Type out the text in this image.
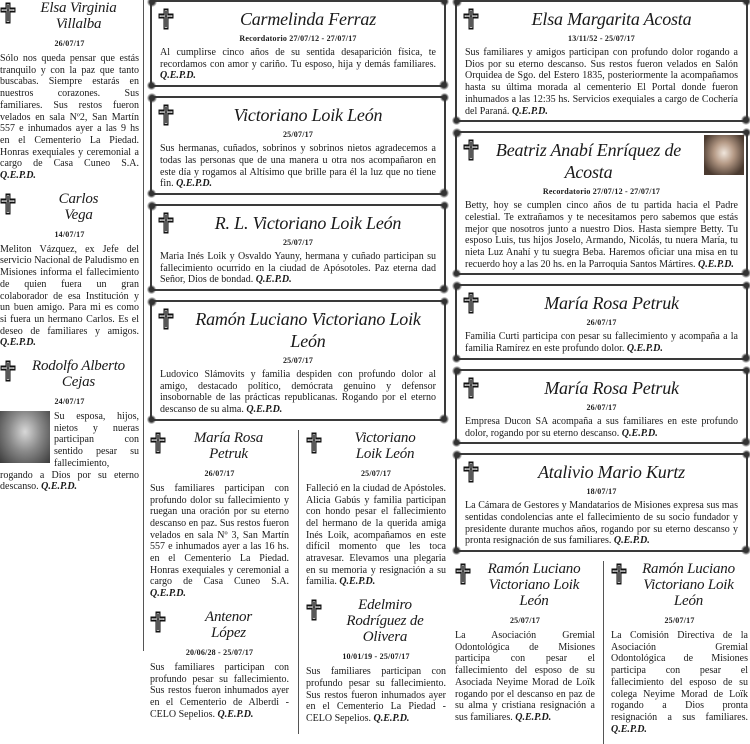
Elsa Virginia
Villalba
26/07/17
Sólo nos queda pensar que estás tranquilo y con la paz que tanto buscabas. Siempre estarás en nuestros corazones. Sus familiares. Sus restos fueron velados en sala Nº2, San Martín 557 e inhumados ayer a las 9 hs en el Cementerio La Piedad. Honras exequiales y ceremonial a cargo de Casa Cuneo S.A. Q.E.P.D.
Carlos
Vega
14/07/17
Meliton Vázquez, ex Jefe del servicio Nacional de Paludismo en Misiones informa el fallecimiento de quien fuera un gran colaborador de esa Institución y un buen amigo. Para mi es como si fuera un hermano Carlos. Es el deseo de familiares y amigos. Q.E.P.D.
Rodolfo Alberto
Cejas
24/07/17
Su esposa, hijos, nietos y nueras participan con sentido pesar su fallecimiento, rogando a Dios por su eterno descanso. Q.E.P.D.
Carmelinda Ferraz
Recordatorio 27/07/12 - 27/07/17
Al cumplirse cinco años de su sentida desaparición física, te recordamos con amor y cariño. Tu esposo, hija y demás familiares. Q.E.P.D.
Victoriano Loik León
25/07/17
Sus hermanas, cuñados, sobrinos y sobrinos nietos agradecemos a todas las personas que de una manera u otra nos acompañaron en este día y rogamos al Altísimo que brille para él la luz que no tiene fin. Q.E.P.D.
R. L. Victoriano Loik León
25/07/17
Maria Inés Loik y Osvaldo Yauny, hermana y cuñado participan su fallecimiento ocurrido en la ciudad de Apósotoles. Paz eterna dad Señor, Dios de bondad. Q.E.P.D.
Ramón Luciano Victoriano Loik León
25/07/17
Ludovico Slámovits y familia despiden con profundo dolor al amigo, destacado político, demócrata genuino y defensor insobornable de las prácticas republicanas. Rogando por el eterno descanso de su alma. Q.E.P.D.
María Rosa
Petruk
26/07/17
Sus familiares participan con profundo dolor su fallecimiento y ruegan una oración por su eterno descanso en paz. Sus restos fueron velados en sala Nº 3, San Martín 557 e inhumados ayer a las 16 hs. en el Cementerio La Piedad. Honras exequiales y ceremonial a cargo de Casa Cuneo S.A. Q.E.P.D.
Antenor
López
20/06/28 - 25/07/17
Sus familiares participan con profundo pesar su fallecimiento. Sus restos fueron inhumados ayer en el Cementerio de Alberdi - CELO Sepelios. Q.E.P.D.
Victoriano
Loik León
25/07/17
Falleció en la ciudad de Apóstoles. Alicia Gabús y familia participan con hondo pesar el fallecimiento del hermano de la querida amiga Inés Loik, acompañamos en este difícil momento que les toca atravesar. Elevamos una plegaria en su memoria y resignación a su familia. Q.E.P.D.
Edelmiro
Rodríguez de Olivera
10/01/19 - 25/07/17
Sus familiares participan con profundo pesar su fallecimiento. Sus restos fueron inhumados ayer en el Cementerio La Piedad - CELO Sepelios. Q.E.P.D.
Elsa Margarita Acosta
13/11/52 - 25/07/17
Sus familiares y amigos participan con profundo dolor rogando a Dios por su eterno descanso. Sus restos fueron velados en Salón Orquidea de Sgo. del Estero 1835, posteriormente la acompañamos hasta su última morada al cementerio El Portal donde fueron inhumados a las 12:35 hs. Servicios exequiales a cargo de Cochería del Paraná. Q.E.P.D.
Beatriz Anabí Enríquez de Acosta
Recordatorio 27/07/12 - 27/07/17
Betty, hoy se cumplen cinco años de tu partida hacia el Padre celestial. Te extrañamos y te necesitamos pero sabemos que estás mejor que nosotros junto a nuestro Dios. Hasta siempre Betty. Tu esposo Luis, tus hijos Joselo, Armando, Nicolás, tu nuera María, tu nieta Luz Anahí y tu suegra Beba. Haremos oficiar una misa en tu recuerdo hoy a las 20 hs. en la Parroquia Santos Mártires. Q.E.P.D.
María Rosa Petruk
26/07/17
Familia Curti participa con pesar su fallecimiento y acompaña a la familia Ramírez en este profundo dolor. Q.E.P.D.
María Rosa Petruk
26/07/17
Empresa Ducon SA acompaña a sus familiares en este profundo dolor, rogando por su eterno descanso. Q.E.P.D.
Atalivio Mario Kurtz
18/07/17
La Cámara de Gestores y Mandatarios de Misiones expresa sus mas sentidas condolencias ante el fallecimiento de su socio fundador y presidente durante muchos años, rogando por su eterno descanso y pronta resignación de sus familiares. Q.E.P.D.
Ramón Luciano
Victoriano Loik León
25/07/17
La Asociación Gremial Odontológica de Misiones participa con pesar el fallecimiento del esposo de su Asociada Neyime Morad de Loïk rogando por el descanso en paz de su alma y cristiana resignación a sus familiares. Q.E.P.D.
Ramón Luciano
Victoriano Loik León
25/07/17
La Comisión Directiva de la Asociación Gremial Odontológica de Misiones participa con pesar el fallecimiento del esposo de su colega Neyime Morad de Loïk rogando a Dios pronta resignación a sus familiares. Q.E.P.D.
